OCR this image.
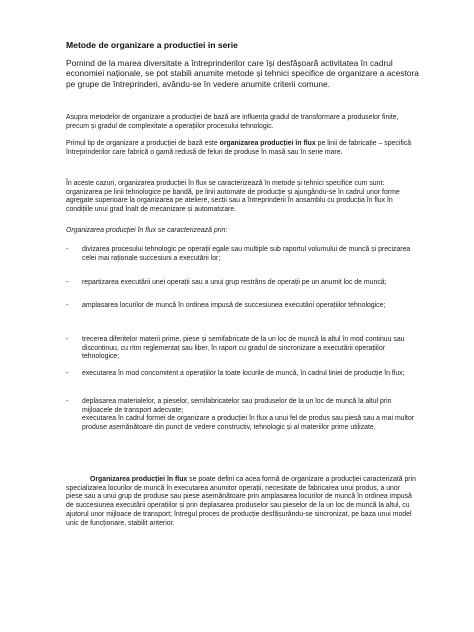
Metode de organizare a productiei in serie

Pornind de la marea diversitate a întreprinderilor care își desfășoară activitatea în cadrul economiei naționale, se pot stabili anumite metode și tehnici specifice de organizare a acestora pe grupe de întreprinderi, avându-se în vedere anumite criterii comune.

Asupra metodelor de organizare a producției de bază are influența gradul de transformare a produselor finite, precum și gradul de complexitate a operațiilor procesului tehnologic.

Primul tip de organizare a producției de bază este organizarea producției în flux pe linii de fabricație – specifică întreprinderilor care fabrică o gamă redusă de feluri de produse în masă sau în serie mare.

În aceste cazuri, organizarea producției în flux se caracterizează în metode și tehnici specifice cum sunt: organizarea pe linii tehnologice pe bandă, pe linii automate de producție și ajungându-se în cadrul unor forme agregate superioare la organizarea pe ateliere, secții sau a întreprinderii în ansamblu cu producția în flux în condițiile unui grad înalt de mecanizare și automatizare.

Organizarea producției în flux se caracterizează prin:

-	divizarea procesului tehnologic pe operații egale sau multiple sub raportul volumului de muncă și precizarea celei mai raționale succesiuni a executării lor;
-	repartizarea executării unei operații sau a unui grup restrâns de operații pe un anumit loc de muncă;
-	amplasarea locurilor de muncă în ordinea impusă de succesiunea executării operațiilor tehnologice;
-	trecerea diferitelor materii prime, piese și semifabricate de la un loc de muncă la altul în mod continuu sau discontinuu, cu ritm reglementat sau liber, în raport cu gradul de sincronizare a executării operațiilor tehnologice;
-	executarea în mod concomitent a operațiilor la toate locurile de muncă, în cadrul liniei de producție în flux;
-	deplasarea materialelor, a pieselor, semifabricatelor sau produselor de la un loc de muncă la altul prin mijloacele de transport adecvate;
executarea în cadrul formei de organizare a producției în flux a unui fel de produs sau piesă sau a mai multor produse asemănătoare din punct de vedere constructiv, tehnologic și al materiilor prime utilizate.

Organizarea producției în flux se poate defini ca acea formă de organizare a producției caracterizată prin specializarea locurilor de muncă în executarea anumitor operații, necesitate de fabricarea unui produs, a unor piese sau a unui grup de produse sau piese asemănătoare prin amplasarea locurilor de muncă în ordinea impusă de succesiunea executării operațiilor și prin deplasarea produselor sau pieselor de la un loc de muncă la altul, cu ajutorul unor mijloace de transport; întregul proces de producție desfășurându-se sincronizat, pe baza unui model unic de funcționare, stabilit anterior.
